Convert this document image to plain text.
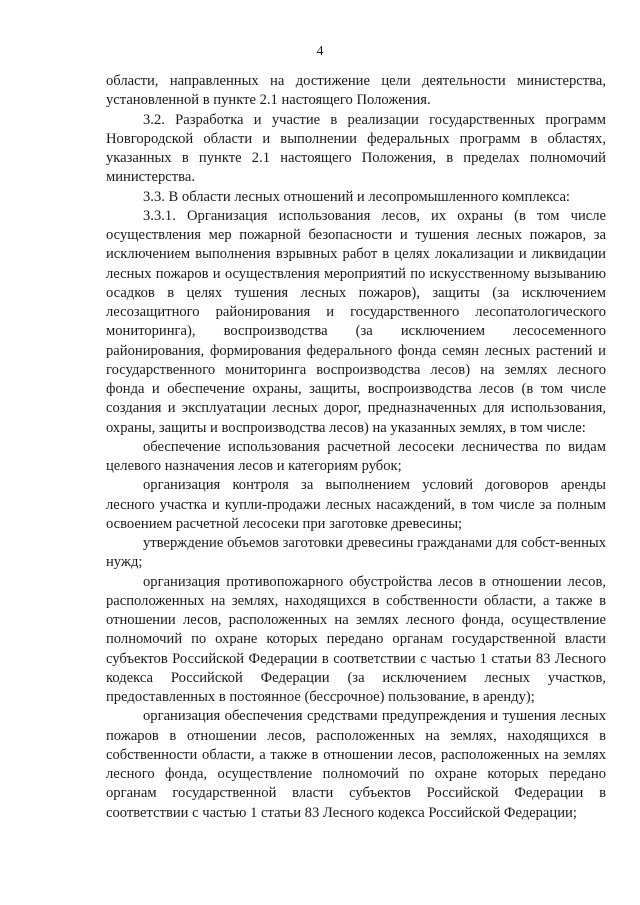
4

области, направленных на достижение цели деятельности министерства, установленной в пункте 2.1 настоящего Положения.

3.2. Разработка и участие в реализации государственных программ Новгородской области и выполнении федеральных программ в областях, указанных в пункте 2.1 настоящего Положения, в пределах полномочий министерства.

3.3. В области лесных отношений и лесопромышленного комплекса:

3.3.1. Организация использования лесов, их охраны (в том числе осуществления мер пожарной безопасности и тушения лесных пожаров, за исключением выполнения взрывных работ в целях локализации и ликвидации лесных пожаров и осуществления мероприятий по искусственному вызыванию осадков в целях тушения лесных пожаров), защиты (за исключением лесозащитного районирования и государственного лесопатологического мониторинга), воспроизводства (за исключением лесосеменного районирования, формирования федерального фонда семян лесных растений и государственного мониторинга воспроизводства лесов) на землях лесного фонда и обеспечение охраны, защиты, воспроизводства лесов (в том числе создания и эксплуатации лесных дорог, предназначенных для использования, охраны, защиты и воспроизводства лесов) на указанных землях, в том числе:

обеспечение использования расчетной лесосеки лесничества по видам целевого назначения лесов и категориям рубок;

организация контроля за выполнением условий договоров аренды лесного участка и купли-продажи лесных насаждений, в том числе за полным освоением расчетной лесосеки при заготовке древесины;

утверждение объемов заготовки древесины гражданами для собст-венных нужд;

организация противопожарного обустройства лесов в отношении лесов, расположенных на землях, находящихся в собственности области, а также в отношении лесов, расположенных на землях лесного фонда, осуществление полномочий по охране которых передано органам государственной власти субъектов Российской Федерации в соответствии с частью 1 статьи 83 Лесного кодекса Российской Федерации (за исключением лесных участков, предоставленных в постоянное (бессрочное) пользование, в аренду);

организация обеспечения средствами предупреждения и тушения лесных пожаров в отношении лесов, расположенных на землях, находящихся в собственности области, а также в отношении лесов, расположенных на землях лесного фонда, осуществление полномочий по охране которых передано органам государственной власти субъектов Российской Федерации в соответствии с частью 1 статьи 83 Лесного кодекса Российской Федерации;
